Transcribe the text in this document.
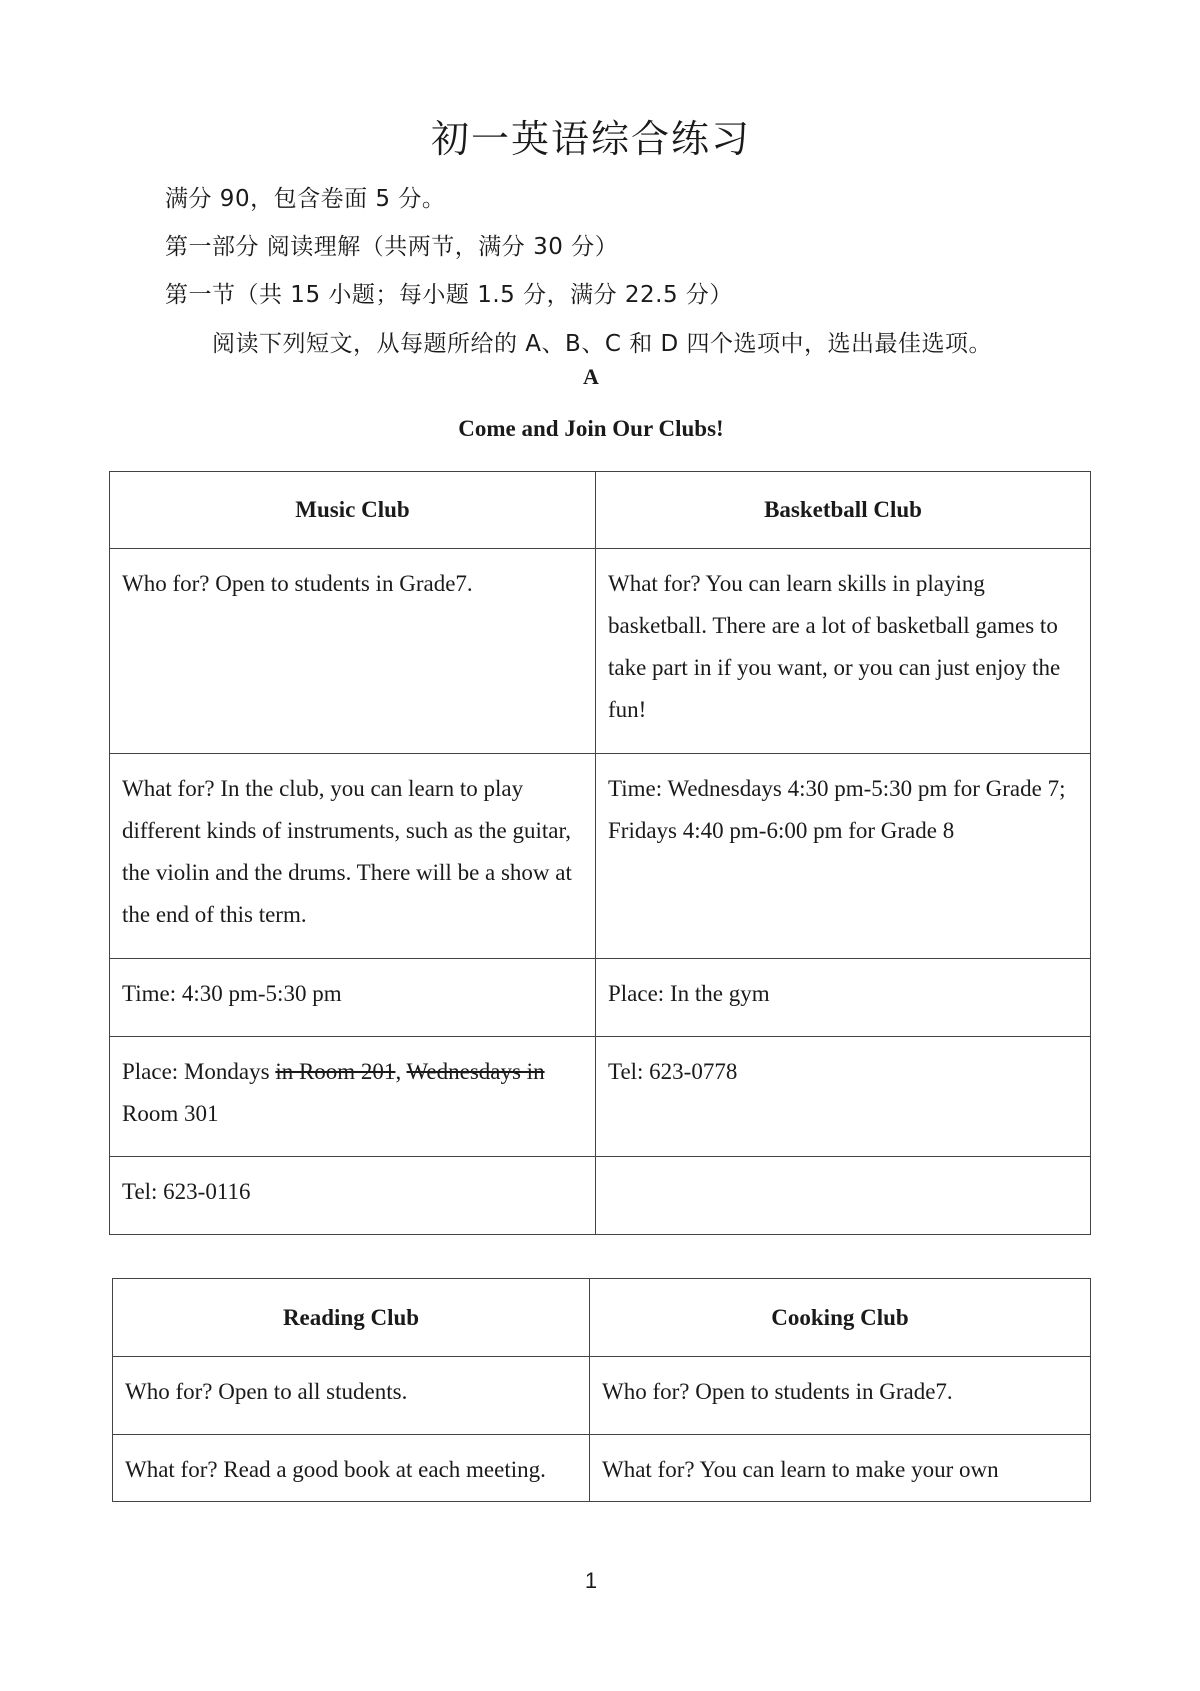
初一英语综合练习
满分 90，包含卷面 5 分。
第一部分 阅读理解（共两节，满分 30 分）
第一节（共 15 小题；每小题 1.5 分，满分 22.5 分）
阅读下列短文，从每题所给的 A、B、C 和 D 四个选项中，选出最佳选项。
A
Come and Join Our Clubs!
Music Club	Basketball Club
Who for? Open to students in Grade7.	What for? You can learn skills in playing basketball. There are a lot of basketball games to take part in if you want, or you can just enjoy the fun!
What for? In the club, you can learn to play different kinds of instruments, such as the guitar, the violin and the drums. There will be a show at the end of this term.	Time: Wednesdays 4:30 pm-5:30 pm for Grade 7; Fridays 4:40 pm-6:00 pm for Grade 8
Time: 4:30 pm-5:30 pm	Place: In the gym
Place: Mondays in Room 201, Wednesdays in Room 301	Tel: 623-0778
Tel: 623-0116	
Reading Club	Cooking Club
Who for? Open to all students.	Who for? Open to students in Grade7.
What for? Read a good book at each meeting.	What for? You can learn to make your own
1
